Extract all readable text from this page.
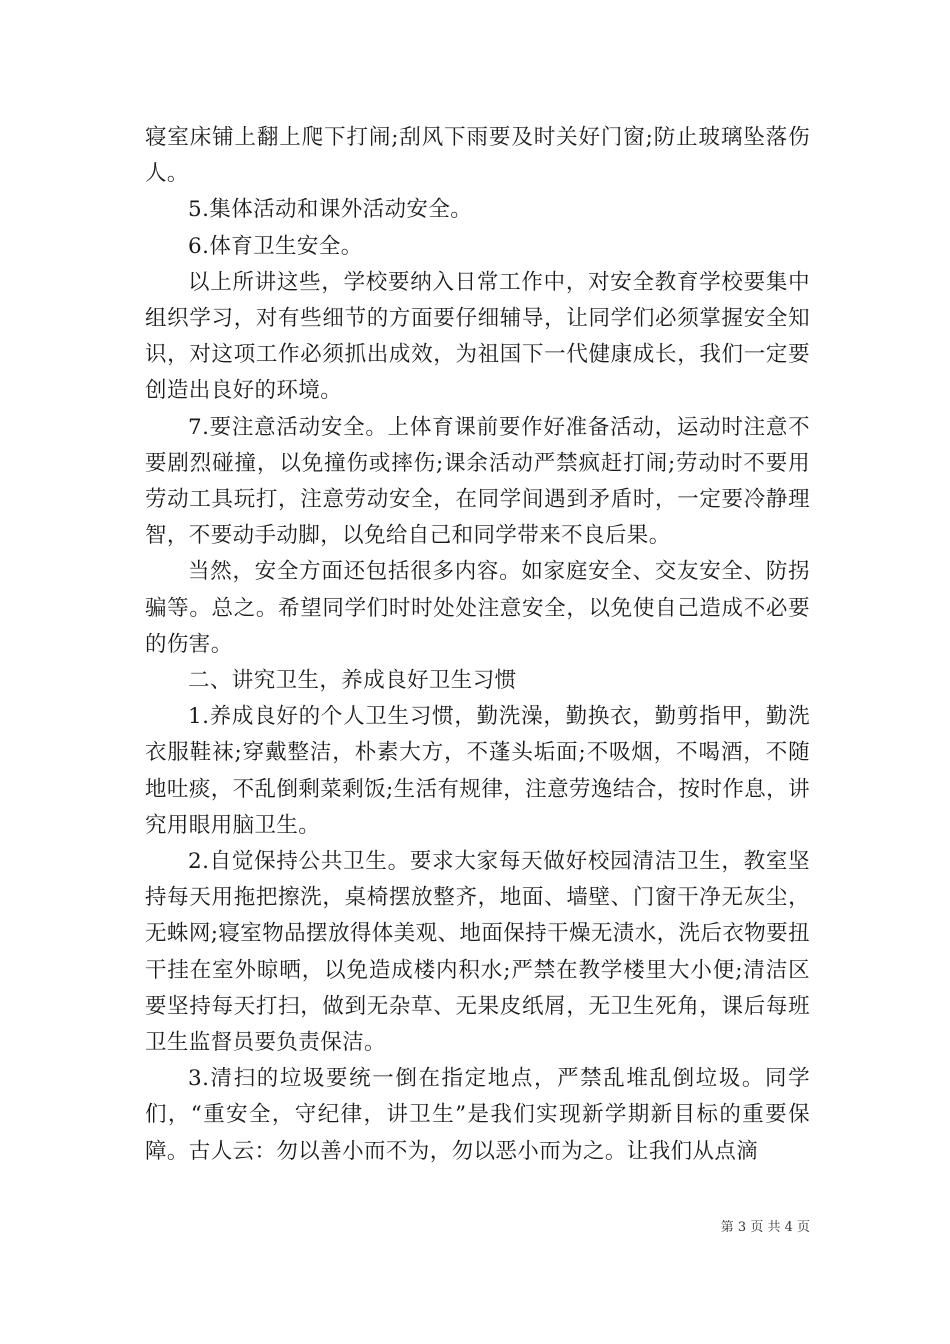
寝室床铺上翻上爬下打闹;刮风下雨要及时关好门窗;防止玻璃坠落伤人。

5.集体活动和课外活动安全。

6.体育卫生安全。

以上所讲这些，学校要纳入日常工作中，对安全教育学校要集中组织学习，对有些细节的方面要仔细辅导，让同学们必须掌握安全知识，对这项工作必须抓出成效，为祖国下一代健康成长，我们一定要创造出良好的环境。

7.要注意活动安全。上体育课前要作好准备活动，运动时注意不要剧烈碰撞，以免撞伤或摔伤;课余活动严禁疯赶打闹;劳动时不要用劳动工具玩打，注意劳动安全，在同学间遇到矛盾时，一定要冷静理智，不要动手动脚，以免给自己和同学带来不良后果。

当然，安全方面还包括很多内容。如家庭安全、交友安全、防拐骗等。总之。希望同学们时时处处注意安全，以免使自己造成不必要的伤害。

二、讲究卫生，养成良好卫生习惯

1.养成良好的个人卫生习惯，勤洗澡，勤换衣，勤剪指甲，勤洗衣服鞋袜;穿戴整洁，朴素大方，不蓬头垢面;不吸烟，不喝酒，不随地吐痰，不乱倒剩菜剩饭;生活有规律，注意劳逸结合，按时作息，讲究用眼用脑卫生。

2.自觉保持公共卫生。要求大家每天做好校园清洁卫生，教室坚持每天用拖把擦洗，桌椅摆放整齐，地面、墙壁、门窗干净无灰尘，无蛛网;寝室物品摆放得体美观、地面保持干燥无渍水，洗后衣物要扭干挂在室外晾晒，以免造成楼内积水;严禁在教学楼里大小便;清洁区要坚持每天打扫，做到无杂草、无果皮纸屑，无卫生死角，课后每班卫生监督员要负责保洁。

3.清扫的垃圾要统一倒在指定地点，严禁乱堆乱倒垃圾。同学们，“重安全，守纪律，讲卫生”是我们实现新学期新目标的重要保障。古人云：勿以善小而不为，勿以恶小而为之。让我们从点滴

第 3 页 共 4 页
